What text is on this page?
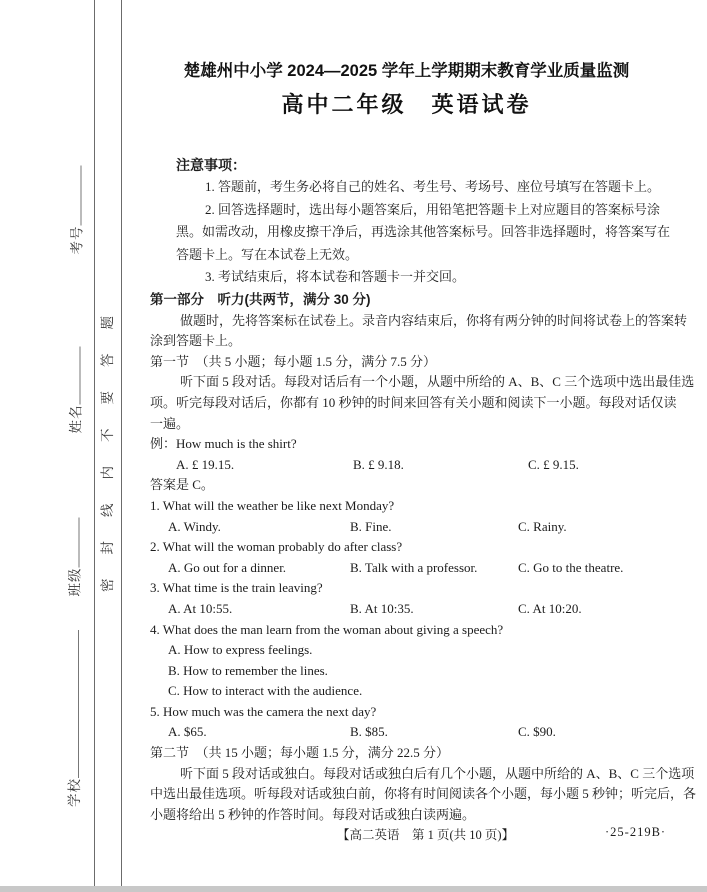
考号
姓名
班级
学校
密封线内不要答题
楚雄州中小学 2024—2025 学年上学期期末教育学业质量监测
高中二年级　英语试卷
注意事项：
1. 答题前，考生务必将自己的姓名、考生号、考场号、座位号填写在答题卡上。
2. 回答选择题时，选出每小题答案后，用铅笔把答题卡上对应题目的答案标号涂
黑。如需改动，用橡皮擦干净后，再选涂其他答案标号。回答非选择题时，将答案写在
答题卡上。写在本试卷上无效。
3. 考试结束后，将本试卷和答题卡一并交回。
第一部分　听力(共两节，满分 30 分)
做题时，先将答案标在试卷上。录音内容结束后，你将有两分钟的时间将试卷上的答案转
涂到答题卡上。
第一节　（共 5 小题；每小题 1.5 分，满分 7.5 分）
听下面 5 段对话。每段对话后有一个小题，从题中所给的 A、B、C 三个选项中选出最佳选
项。听完每段对话后，你都有 10 秒钟的时间来回答有关小题和阅读下一小题。每段对话仅读
一遍。
例：How much is the shirt?
A. £ 19.15.	B. £ 9.18.	C. £ 9.15.
答案是 C。
1. What will the weather be like next Monday?
A. Windy.	B. Fine.	C. Rainy.
2. What will the woman probably do after class?
A. Go out for a dinner.	B. Talk with a professor.	C. Go to the theatre.
3. What time is the train leaving?
A. At 10:55.	B. At 10:35.	C. At 10:20.
4. What does the man learn from the woman about giving a speech?
A. How to express feelings.
B. How to remember the lines.
C. How to interact with the audience.
5. How much was the camera the next day?
A. $65.	B. $85.	C. $90.
第二节　（共 15 小题；每小题 1.5 分，满分 22.5 分）
听下面 5 段对话或独白。每段对话或独白后有几个小题，从题中所给的 A、B、C 三个选项
中选出最佳选项。听每段对话或独白前，你将有时间阅读各个小题，每小题 5 秒钟；听完后，各
小题将给出 5 秒钟的作答时间。每段对话或独白读两遍。
【高二英语　第 1 页(共 10 页)】	·25-219B·
